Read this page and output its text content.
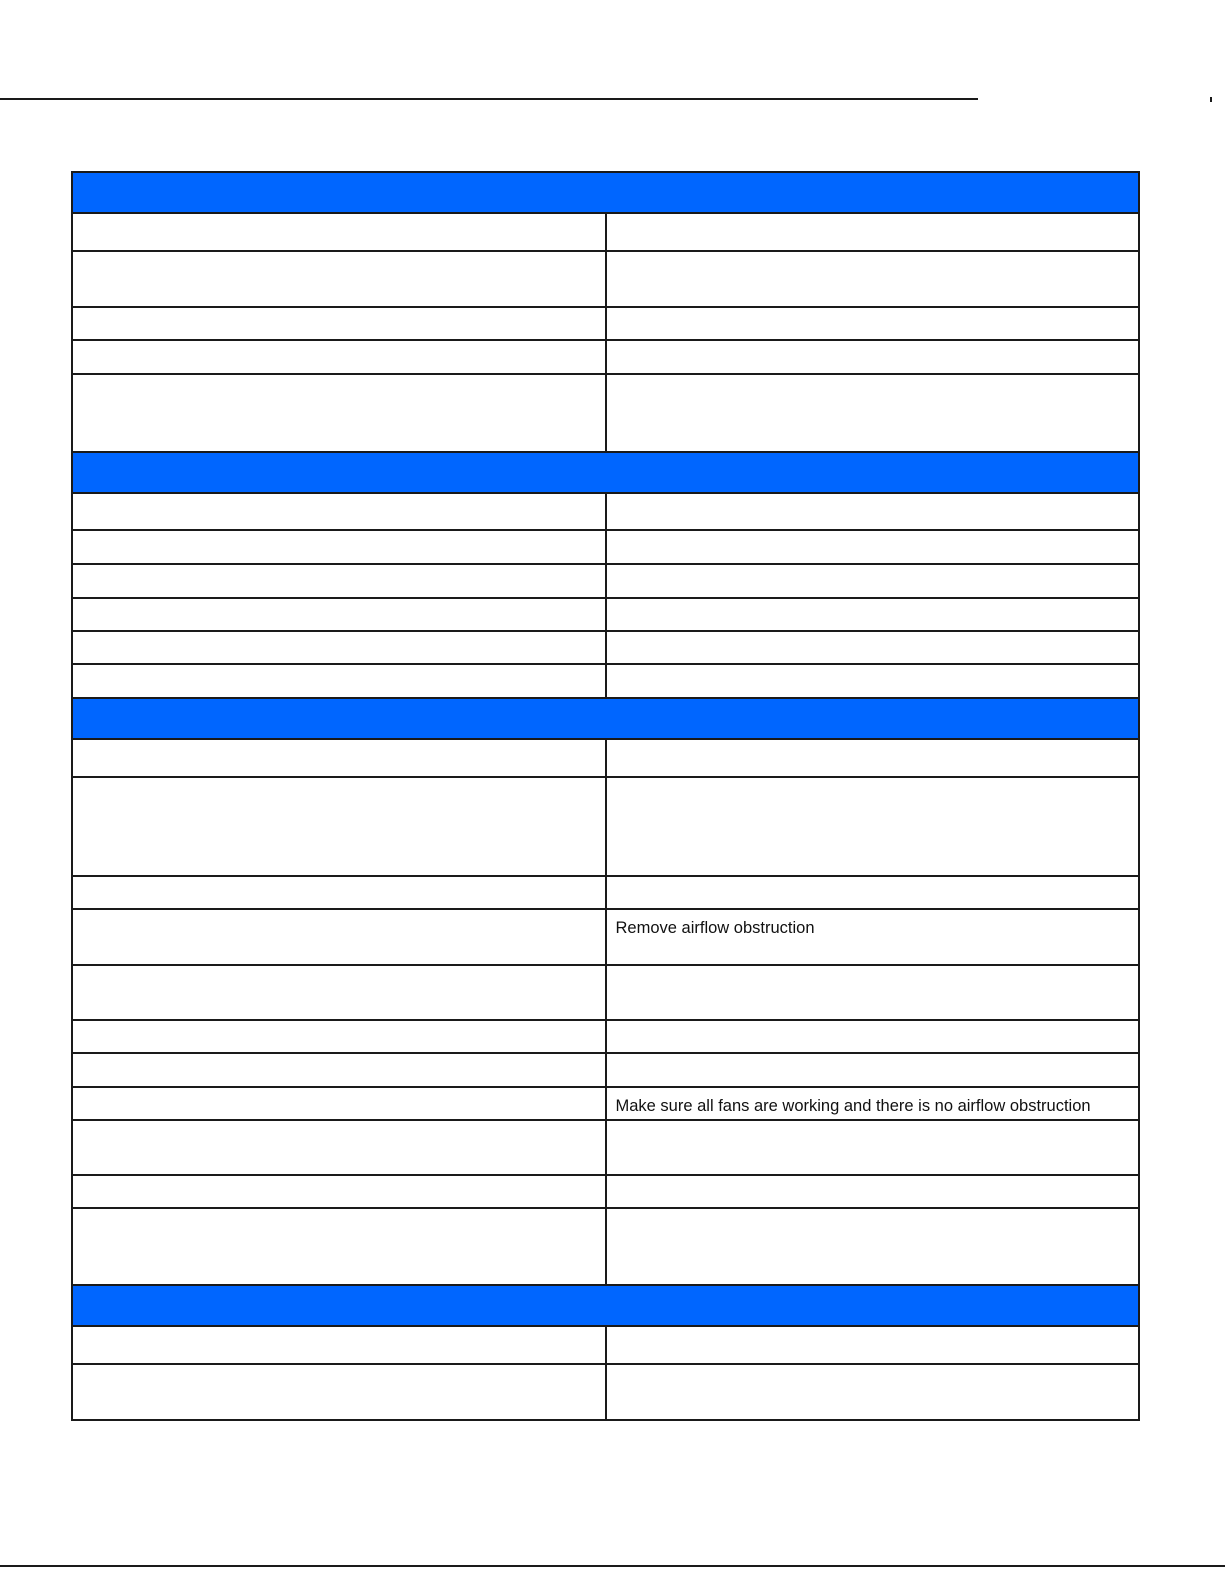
	Remove airflow obstruction

	Make sure all fans are working and there is no airflow obstruction
